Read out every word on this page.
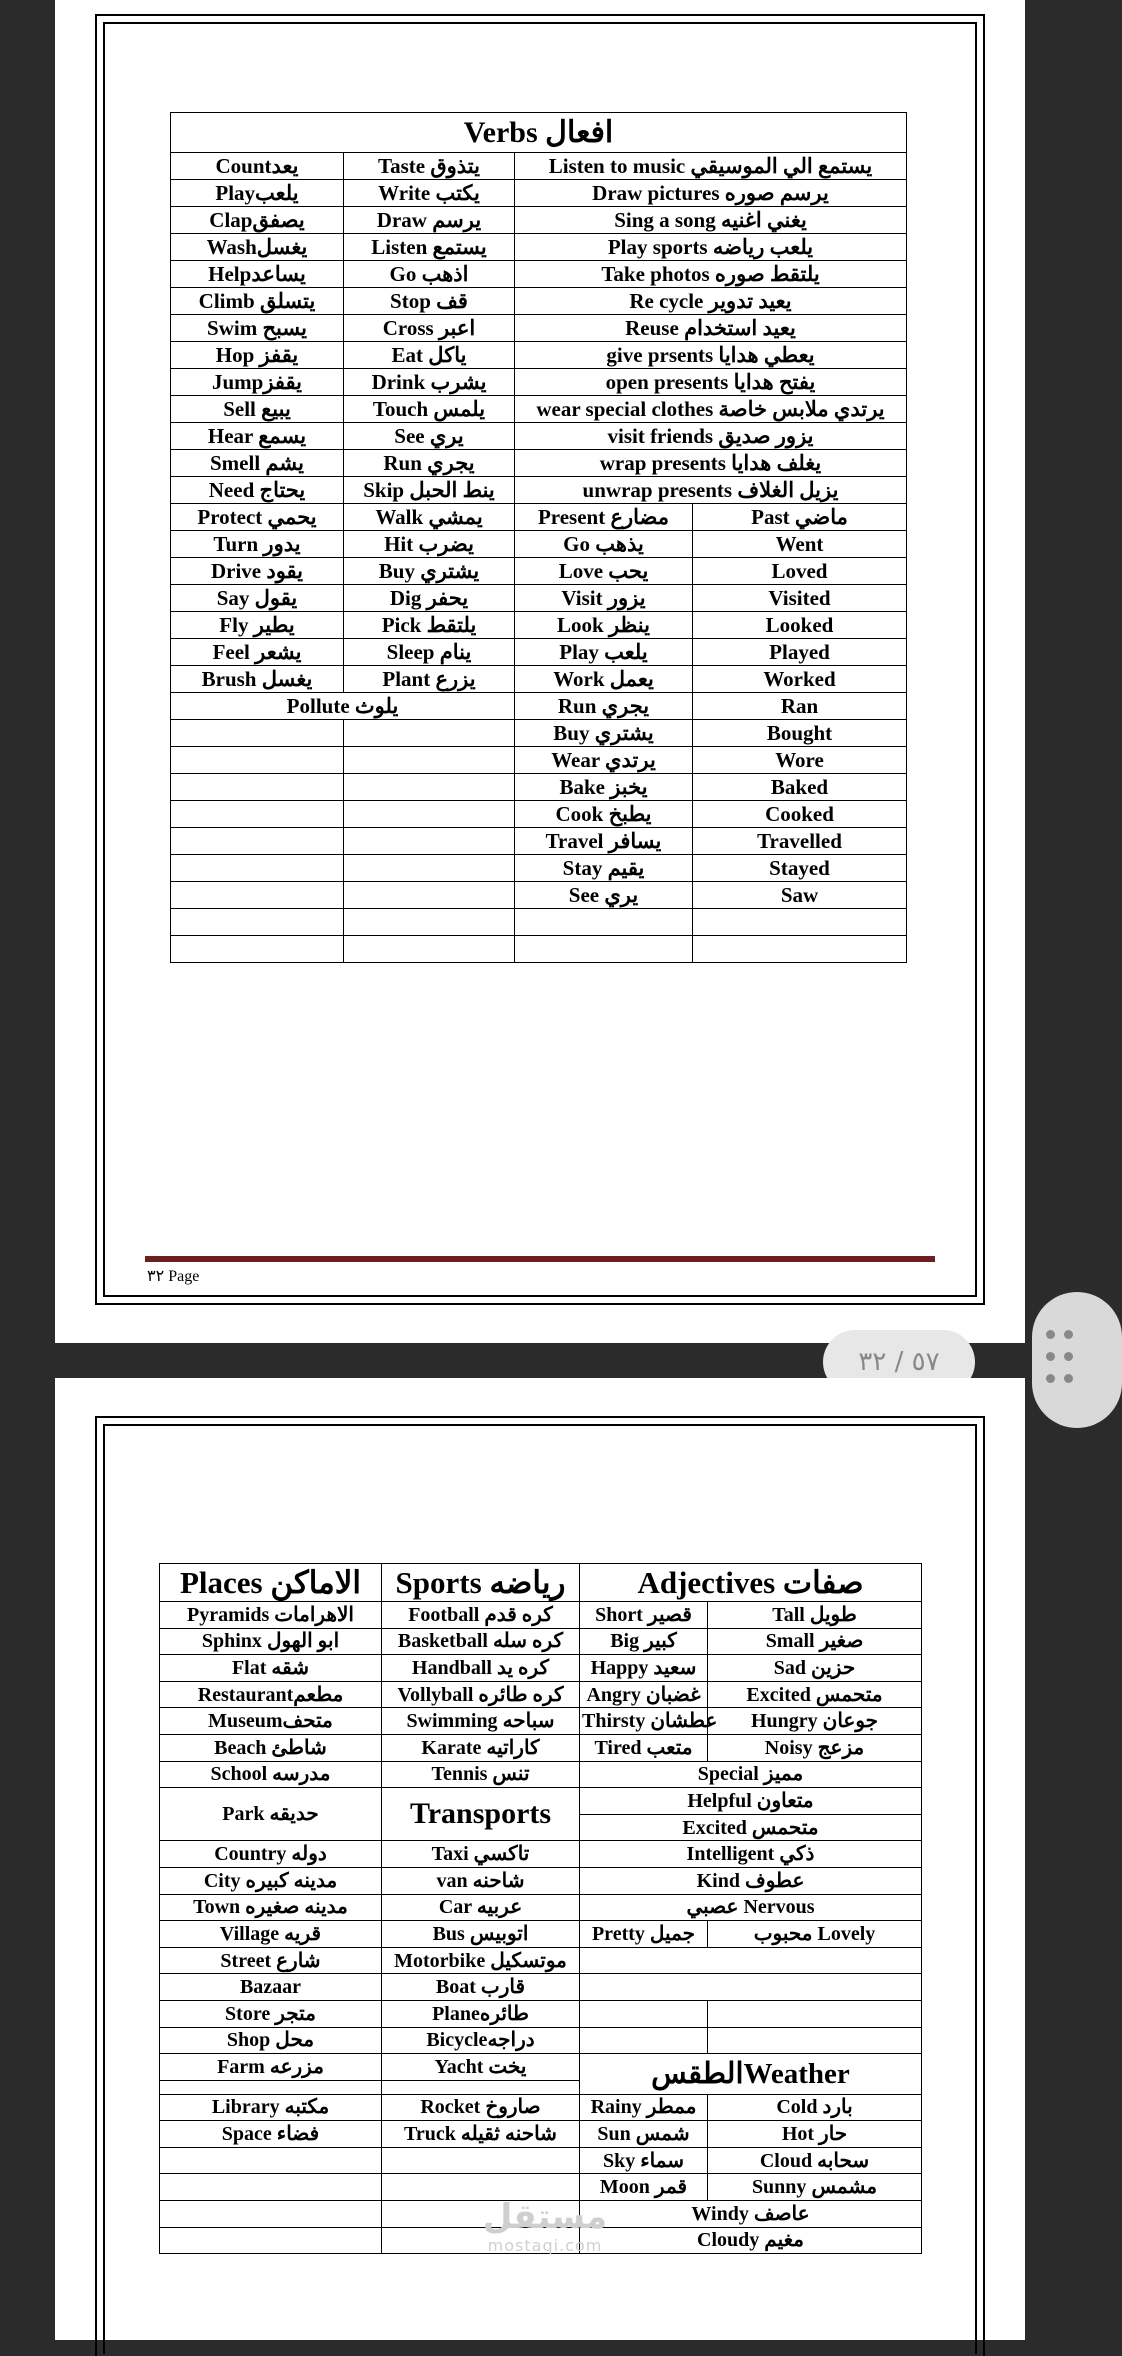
Verbs افعال			
Countيعد	Taste يتذوق	Listen to music يستمع الي الموسيقي	
Playيلعب	Write يكتب	Draw pictures يرسم صوره	
Clapيصفق	Draw يرسم	Sing a song يغني اغنيه	
Washيغسل	Listen يستمع	Play sports يلعب رياضه	
Helpيساعد	Go اذهب	Take photos يلتقط صوره	
Climb يتسلق	Stop قف	Re cycle يعيد تدوير	
Swim يسبح	Cross اعبر	Reuse يعيد استخدام	
Hop يقفز	Eat ياكل	give prsents يعطي هدايا	
Jumpيقفز	Drink يشرب	open presents يفتح هدايا	
Sell يبيع	Touch يلمس	wear special clothes يرتدي ملابس خاصة	
Hear يسمع	See يري	visit friends يزور صديق	
Smell يشم	Run يجري	wrap presents يغلف هدايا	
Need يحتاج	Skip ينط الحبل	unwrap presents يزيل الغلاف	
Protect يحمي	Walk يمشي	Present مضارع	Past ماضي
Turn يدور	Hit يضرب	Go يذهب	Went
Drive يقود	Buy يشتري	Love يحب	Loved
Say يقول	Dig يحفر	Visit يزور	Visited
Fly يطير	Pick يلتقط	Look ينظر	Looked
Feel يشعر	Sleep ينام	Play يلعب	Played
Brush يغسل	Plant يزرع	Work يعمل	Worked
Pollute يلوث		Run يجري	Ran
		Buy يشتري	Bought
		Wear يرتدي	Wore
		Bake يخبز	Baked
		Cook يطبخ	Cooked
		Travel يسافر	Travelled
		Stay يقيم	Stayed
		See يري	Saw

٣٢ Page
٥٧ / ٣٢
Places الاماكن	Sports رياضه	Adjectives صفات	
Pyramids الاهرامات	Football كره قدم	Short قصير	Tall طويل
Sphinx ابو الهول	Basketball كره سله	Big كبير	Small صغير
Flat شقه	Handball كره يد	Happy سعيد	Sad حزين
Restaurantمطعم	Vollyball كره طائره	Angry غضبان	Excited متحمس
Museumمتحف	Swimming سباحه	Thirsty عطشان	Hungry جوعان
Beach شاطئ	Karate كاراتيه	Tired متعب	Noisy مزعج
School مدرسه	Tennis تنس	Special مميز	
Park حديقه	Transports	Helpful متعاون	
		Excited متحمس	
Country دوله	Taxi تاكسي	Intelligent ذكي	
City مدينه كبيره	van شاحنه	Kind عطوف	
Town مدينه صغيره	Car عربيه	عصبي Nervous	
Village قريه	Bus اتوبيس	Pretty جميل	محبوب Lovely
Street شارع	Motorbike موتسكيل		
Bazaar	Boat قارب		
Store متجر	Planeطائره		
Shop محل	Bicycleدراجه		
Farm مزرعه	Yacht يخت	الطقسWeather	

Library مكتبه	Rocket صاروخ	Rainy ممطر	Cold بارد
Space فضاء	Truck شاحنه ثقيله	Sun شمس	Hot حار
		Sky سماء	Cloud سحابه
		Moon قمر	Sunny مشمس
		Windy عاصف	
		Cloudy مغيم	
مستقل
mostaqi.com
